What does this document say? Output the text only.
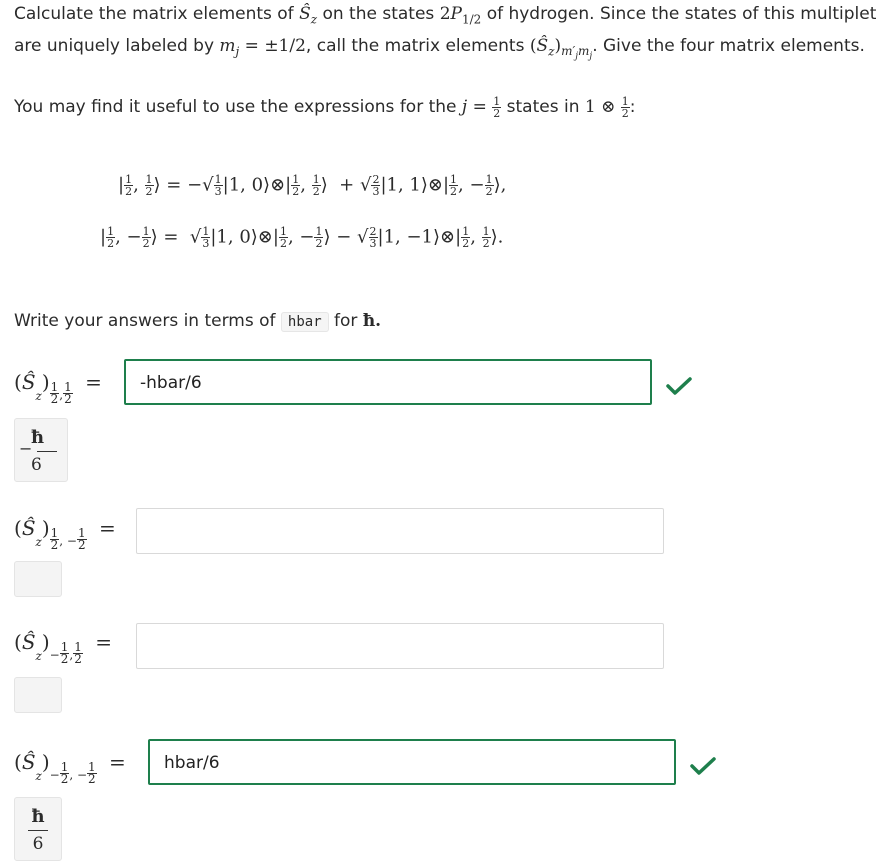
Calculate the matrix elements of $Ŝ_z$ on the states $2P_{1/2}$ of hydrogen. Since the states of this multiplet
are uniquely labeled by $m_j = \pm 1/2$, call the matrix elements $(Ŝ_z)_{m'_jm_j}$. Give the four matrix elements.
You may find it useful to use the expressions for the $j = \frac{1}{2}$ states in 1 ⊗ $\frac{1}{2}$ :
| $\frac{1}{2}$ , $\frac{1}{2}$ ⟩ = −√ $\frac{1}{3} |1$, 0⟩⊗| $\frac{1}{2}$ , $\frac{1}{2}$ ⟩  + √ $\frac{2}{3} |1$, 1⟩⊗| $\frac{1}{2}$ , − $\frac{1}{2}$ ⟩,
| $\frac{1}{2}$ , − $\frac{1}{2}$ ⟩ =  √ $\frac{1}{3} |1$, 0⟩⊗| $\frac{1}{2}$ , − $\frac{1}{2}$ ⟩ − √ $\frac{2}{3} |1$, −1⟩⊗| $\frac{1}{2}$ , $\frac{1}{2}$ ⟩.
Write your answers in terms of hbar for ħ.
$(Ŝ_z) \frac{1}{2} _, \frac{1}{2}$ =	-hbar/6
ħ
−
6
$(Ŝ_z) \frac{1}{2} _{, -} \frac{1}{2}$ =
$(Ŝ_z)_- \frac{1}{2} _, \frac{1}{2}$ =
$(Ŝ_z)_- \frac{1}{2} _{, -} \frac{1}{2}$ =	hbar/6
ħ
6
